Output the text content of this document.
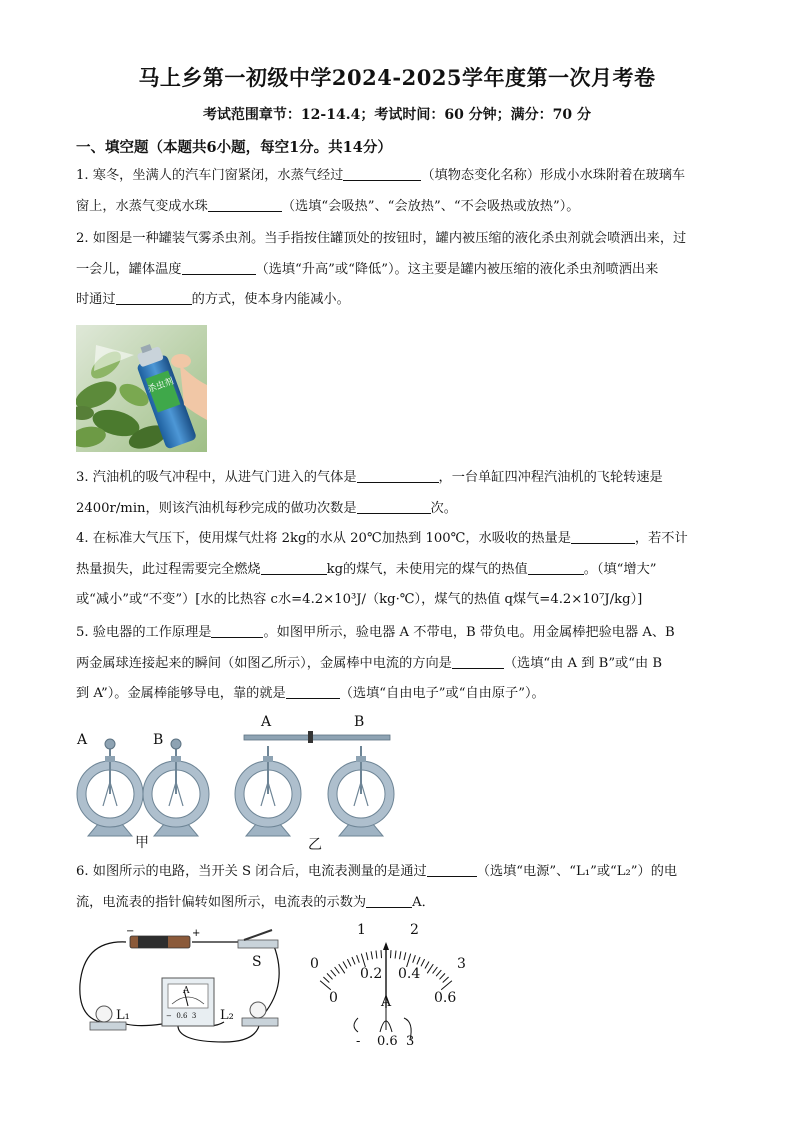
马上乡第一初级中学2024-2025学年度第一次月考卷
考试范围章节：12-14.4；考试时间：60 分钟；满分：70 分
一、填空题（本题共6小题，每空1分。共14分）

1. 寒冬，坐满人的汽车门窗紧闭，水蒸气经过	（填物态变化名称）形成小水珠附着在玻璃车

窗上，水蒸气变成水珠	（选填“会吸热”、“会放热”、“不会吸热或放热”）。

2. 如图是一种罐装气雾杀虫剂。当手指按住罐顶处的按钮时，罐内被压缩的液化杀虫剂就会喷洒出来，过

一会儿，罐体温度	（选填“升高”或“降低”）。这主要是罐内被压缩的液化杀虫剂喷洒出来

时通过	的方式，使本身内能减小。

杀虫剂

3. 汽油机的吸气冲程中，从进气门进入的气体是	，一台单缸四冲程汽油机的飞轮转速是

2400r/min，则该汽油机每秒完成的做功次数是	次。

4. 在标准大气压下，使用煤气灶将 2kg的水从 20℃加热到 100℃，水吸收的热量是	，若不计

热量损失，此过程需要完全燃烧	kg的煤气，未使用完的煤气的热值	。（填“增大”

或“减小”或“不变”）[水的比热容 c水=4.2×10³J/（kg·℃），煤气的热值 q煤气=4.2×10⁷J/kg）]

5. 验电器的工作原理是	。如图甲所示，验电器 A 不带电，B 带负电。用金属棒把验电器 A、B

两金属球连接起来的瞬间（如图乙所示），金属棒中电流的方向是	（选填“由 A 到 B”或“由 B

到 A”）。金属棒能够导电，靠的就是	（选填“自由电子”或“自由原子”）。

A	B
A	B
甲	乙

6. 如图所示的电路，当开关 S 闭合后，电流表测量的是通过	（选填“电源”、“L₁”或“L₂”）的电

流，电流表的指针偏转如图所示，电流表的示数为	A．

−	+
S
L₁	L₂
A
−  0.6  3
0
1	2
3
0
0.2 0.4
0.6
A
- 0.6 3
